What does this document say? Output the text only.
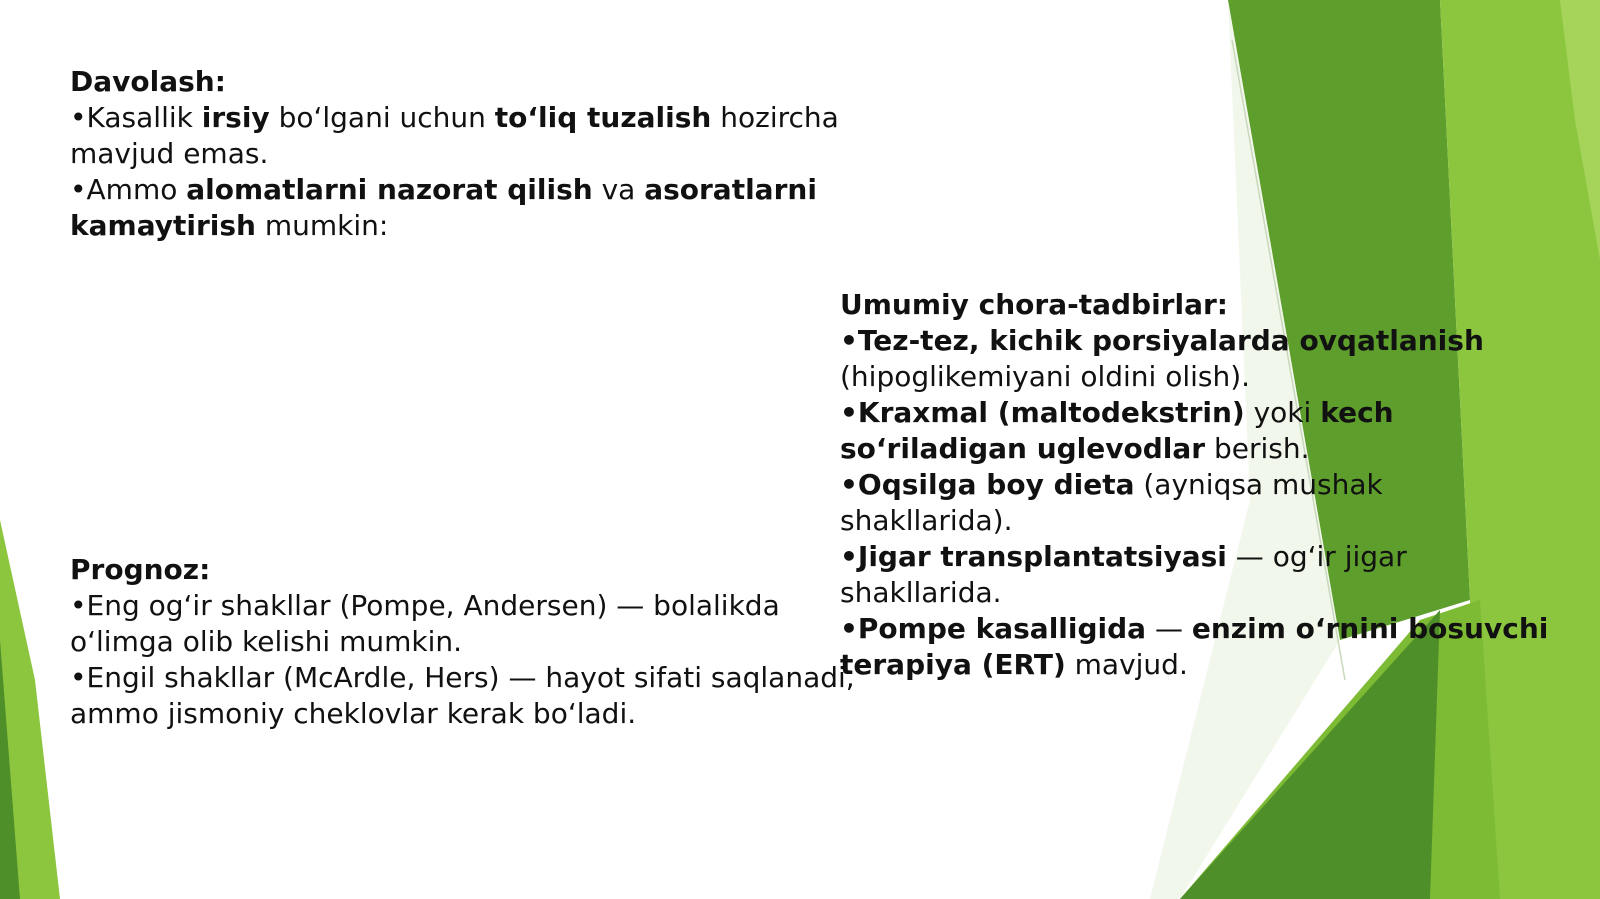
Davolash:

•Kasallik irsiy bo‘lgani uchun to‘liq tuzalish hozircha mavjud emas.

•Ammo alomatlarni nazorat qilish va asoratlarni kamaytirish mumkin:

Umumiy chora-tadbirlar:

•Tez-tez, kichik porsiyalarda ovqatlanish (hipoglikemiyani oldini olish).

•Kraxmal (maltodekstrin) yoki kech so‘riladigan uglevodlar berish.

•Oqsilga boy dieta (ayniqsa mushak shakllarida).

•Jigar transplantatsiyasi — og‘ir jigar shakllarida.

•Pompe kasalligida — enzim o‘rnini bosuvchi terapiya (ERT) mavjud.

Prognoz:

•Eng og‘ir shakllar (Pompe, Andersen) — bolalikda o‘limga olib kelishi mumkin.

•Engil shakllar (McArdle, Hers) — hayot sifati saqlanadi, ammo jismoniy cheklovlar kerak bo‘ladi.
